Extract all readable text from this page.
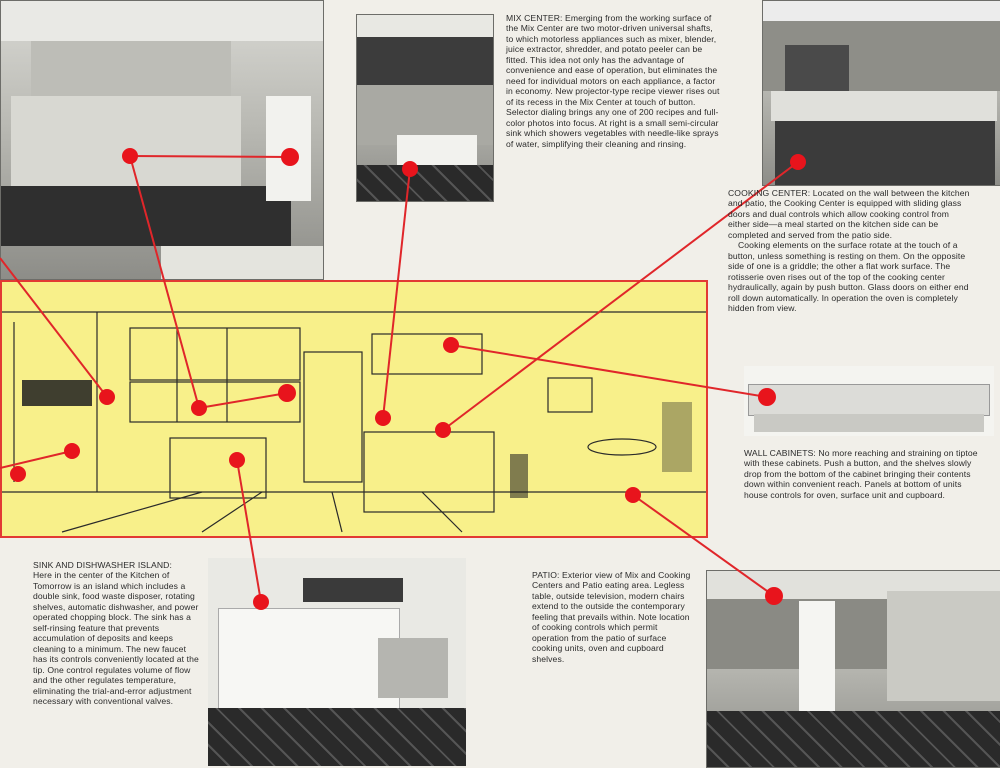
MIX CENTER: Emerging from the working surface of the Mix Center are two motor-driven universal shafts, to which motorless appliances such as mixer, blender, juice extractor, shredder, and potato peeler can be fitted. This idea not only has the advantage of convenience and ease of operation, but eliminates the need for individual motors on each appliance, a factor in economy. New projector-type recipe viewer rises out of its recess in the Mix Center at touch of button. Selector dialing brings any one of 200 recipes and full-color photos into focus. At right is a small semi-circular sink which showers vegetables with needle-like sprays of water, simplifying their cleaning and rinsing.

COOKING CENTER: Located on the wall between the kitchen and patio, the Cooking Center is equipped with sliding glass doors and dual controls which allow cooking control from either side—a meal started on the kitchen side can be completed and served from the patio side.

Cooking elements on the surface rotate at the touch of a button, unless something is resting on them. On the opposite side of one is a griddle; the other a flat work surface. The rotisserie oven rises out of the top of the cooking center hydraulically, again by push button. Glass doors on either end roll down automatically. In operation the oven is completely hidden from view.

WALL CABINETS: No more reaching and straining on tiptoe with these cabinets. Push a button, and the shelves slowly drop from the bottom of the cabinet bringing their contents down within convenient reach. Panels at bottom of units house controls for oven, surface unit and cupboard.

SINK AND DISHWASHER ISLAND:

Here in the center of the Kitchen of Tomorrow is an island which includes a double sink, food waste disposer, rotating shelves, automatic dishwasher, and power operated chopping block. The sink has a self-rinsing feature that prevents accumulation of deposits and keeps cleaning to a minimum. The new faucet has its controls conveniently located at the tip. One control regulates volume of flow and the other regulates temperature, eliminating the trial-and-error adjustment necessary with conventional valves.

PATIO: Exterior view of Mix and Cooking Centers and Patio eating area. Legless table, outside television, modern chairs extend to the outside the contemporary feeling that prevails within. Note location of cooking controls which permit operation from the patio of surface cooking units, oven and cupboard shelves.
